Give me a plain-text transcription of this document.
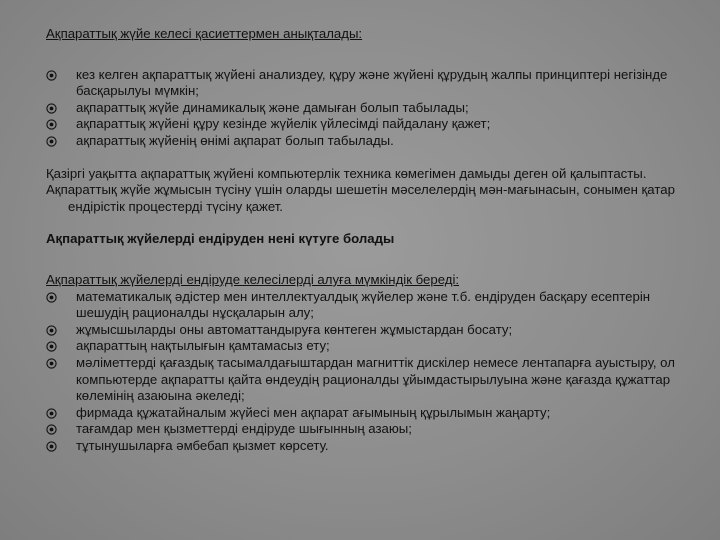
Ақпараттық жүйе келесі қасиеттермен анықталады:

кез келген ақпараттық жүйені анализдеу, құру және жүйені құрудың жалпы принциптері негізінде басқарылуы мүмкін;
ақпараттық жүйе динамикалық және дамыған болып табылады;
ақпараттық жүйені құру кезінде жүйелік үйлесімді пайдалану қажет;
ақпараттық жүйенің өнімі ақпарат болып табылады.

Қазіргі уақытта ақпараттық жүйені компьютерлік техника көмегімен дамыды деген ой қалыптасты.

Ақпараттық жүйе жұмысын түсіну үшін оларды шешетін мәселелердің мән-мағынасын, сонымен қатар ендірістік процестерді түсіну қажет.

Ақпараттық жүйелерді ендіруден нені күтуге болады

Ақпараттық жүйелерді ендіруде келесілерді алуға мүмкіндік береді:

математикалық әдістер мен интеллектуалдық жүйелер және т.б. ендіруден басқару есептерін шешудің рационалды нұсқаларын алу;
жұмысшыларды оны автоматтандыруға көнтеген жұмыстардан босату;
ақпараттың нақтылығын қамтамасыз ету;
мәліметтерді қағаздық тасымалдағыштардан магниттік дискілер немесе лентапарға ауыстыру, ол компьютерде ақпаратты қайта өндеудің рационалды ұйымдастырылуына және қағазда құжаттар көлемінің азаюына әкеледі;
фирмада құжатайналым жүйесі мен ақпарат ағымының құрылымын жаңарту;
тағамдар мен қызметтерді ендіруде шығынның азаюы;
тұтынушыларға әмбебап қызмет көрсету.
